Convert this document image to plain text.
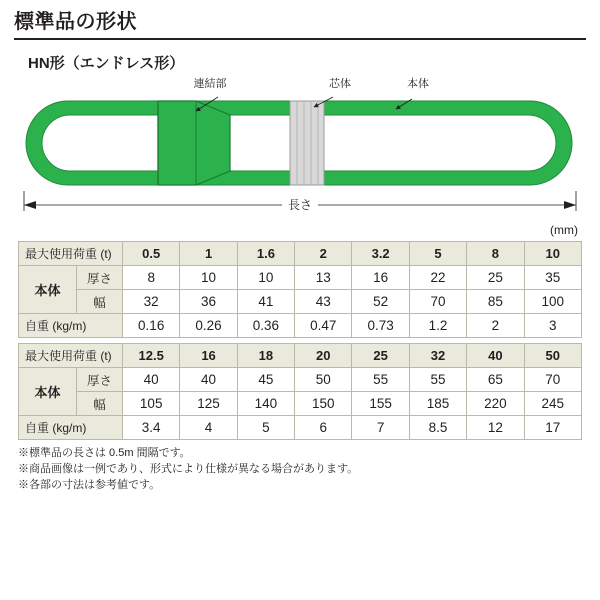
標準品の形状
HN形（エンドレス形）
連結部	芯体	本体
長さ
(mm)
最大使用荷重 (t)		0.5	1	1.6	2	3.2	5	8	10
本体	厚さ	8	10	10	13	16	22	25	35
	幅	32	36	41	43	52	70	85	100
自重 (kg/m)		0.16	0.26	0.36	0.47	0.73	1.2	2	3
最大使用荷重 (t)		12.5	16	18	20	25	32	40	50
本体	厚さ	40	40	45	50	55	55	65	70
	幅	105	125	140	150	155	185	220	245
自重 (kg/m)		3.4	4	5	6	7	8.5	12	17
※標準品の長さは 0.5m 間隔です。
※商品画像は一例であり、形式により仕様が異なる場合があります。
※各部の寸法は参考値です。
